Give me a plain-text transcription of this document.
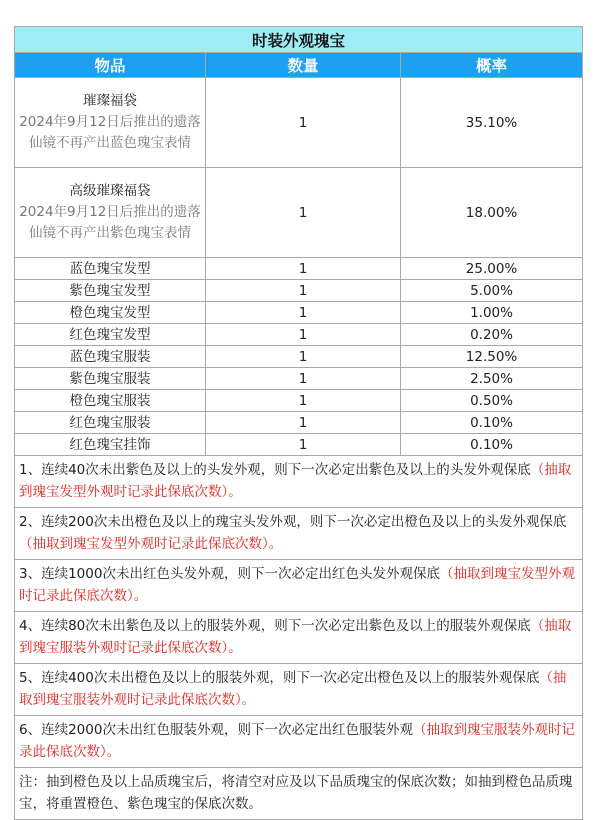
时装外观瑰宝		
物品	数量	概率

璀璨福袋
2024年9月12日后推出的遗落仙镜不再产出蓝色瑰宝表情	1	35.10%

高级璀璨福袋
2024年9月12日后推出的遗落仙镜不再产出紫色瑰宝表情	1	18.00%
蓝色瑰宝发型	1	25.00%
紫色瑰宝发型	1	5.00%
橙色瑰宝发型	1	1.00%
红色瑰宝发型	1	0.20%
蓝色瑰宝服装	1	12.50%
紫色瑰宝服装	1	2.50%
橙色瑰宝服装	1	0.50%
红色瑰宝服装	1	0.10%
红色瑰宝挂饰	1	0.10%
1、连续40次未出紫色及以上的头发外观，则下一次必定出紫色及以上的头发外观保底（抽取到瑰宝发型外观时记录此保底次数）。		
2、连续200次未出橙色及以上的瑰宝头发外观，则下一次必定出橙色及以上的头发外观保底（抽取到瑰宝发型外观时记录此保底次数）。		
3、连续1000次未出红色头发外观，则下一次必定出红色头发外观保底（抽取到瑰宝发型外观时记录此保底次数）。		
4、连续80次未出紫色及以上的服装外观，则下一次必定出紫色及以上的服装外观保底（抽取到瑰宝服装外观时记录此保底次数）。		
5、连续400次未出橙色及以上的服装外观，则下一次必定出橙色及以上的服装外观保底（抽取到瑰宝服装外观时记录此保底次数）。		
6、连续2000次未出红色服装外观，则下一次必定出红色服装外观（抽取到瑰宝服装外观时记录此保底次数）。		
注：抽到橙色及以上品质瑰宝后，将清空对应及以下品质瑰宝的保底次数；如抽到橙色品质瑰宝，将重置橙色、紫色瑰宝的保底次数。		
